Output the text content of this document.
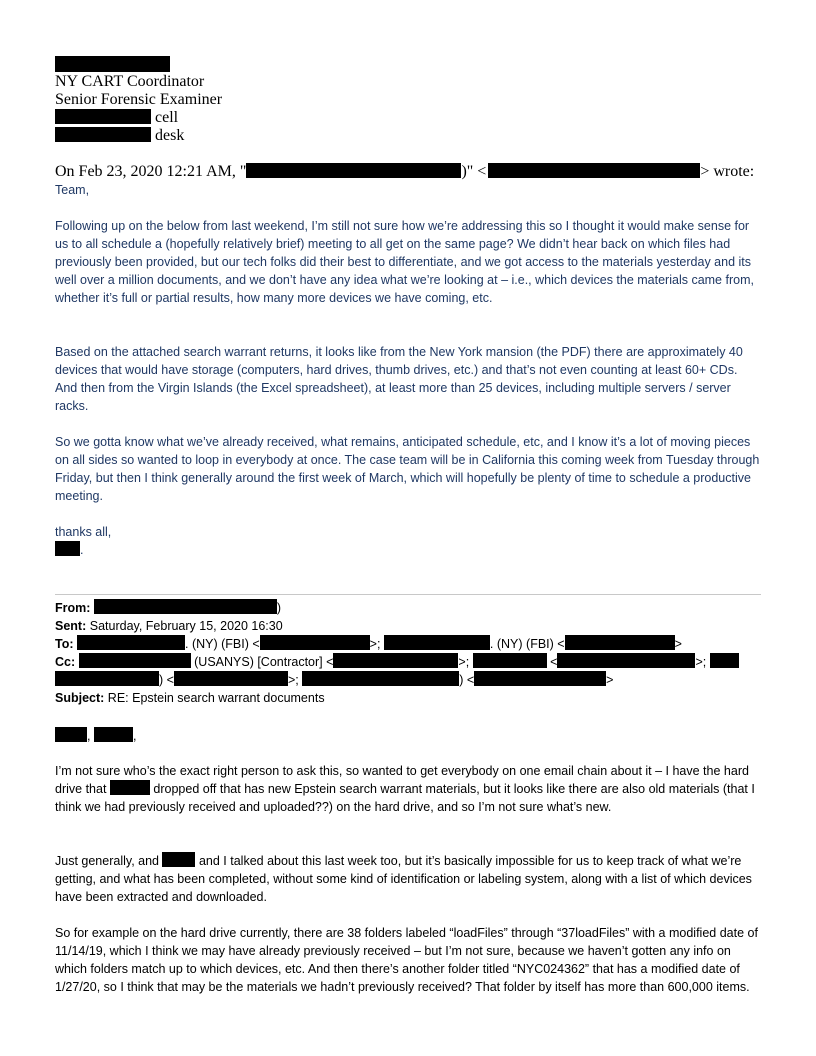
NY CART Coordinator
Senior Forensic Examiner
cell
desk
On Feb 23, 2020 12:21 AM, "	)" <	> wrote:
Team,

Following up on the below from last weekend, I’m still not sure how we’re addressing this so I thought it would make sense for us to all schedule a (hopefully relatively brief) meeting to all get on the same page? We didn’t hear back on which files had previously been provided, but our tech folks did their best to differentiate, and we got access to the materials yesterday and its well over a million documents, and we don’t have any idea what we’re looking at – i.e., which devices the materials came from, whether it’s full or partial results, how many more devices we have coming, etc.

Based on the attached search warrant returns, it looks like from the New York mansion (the PDF) there are approximately 40 devices that would have storage (computers, hard drives, thumb drives, etc.) and that’s not even counting at least 60+ CDs. And then from the Virgin Islands (the Excel spreadsheet), at least more than 25 devices, including multiple servers / server racks.

So we gotta know what we’ve already received, what remains, anticipated schedule, etc, and I know it’s a lot of moving pieces on all sides so wanted to loop in everybody at once. The case team will be in California this coming week from Tuesday through Friday, but then I think generally around the first week of March, which will hopefully be plenty of time to schedule a productive meeting.

thanks all,
.
From:	)
Sent: Saturday, February 15, 2020 16:30
To:	. (NY) (FBI) <	>;	. (NY) (FBI) <	>
Cc:	(USANYS) [Contractor] <	>;	<	>;
) <	>;	) <	>
Subject: RE: Epstein search warrant documents
,	,

I’m not sure who’s the exact right person to ask this, so wanted to get everybody on one email chain about it – I have the hard drive that	dropped off that has new Epstein search warrant materials, but it looks like there are also old materials (that I think we had previously received and uploaded??) on the hard drive, and so I’m not sure what’s new.

Just generally, and	and I talked about this last week too, but it’s basically impossible for us to keep track of what we’re getting, and what has been completed, without some kind of identification or labeling system, along with a list of which devices have been extracted and downloaded.

So for example on the hard drive currently, there are 38 folders labeled “loadFiles” through “37loadFiles” with a modified date of 11/14/19, which I think we may have already previously received – but I’m not sure, because we haven’t gotten any info on which folders match up to which devices, etc. And then there’s another folder titled “NYC024362” that has a modified date of 1/27/20, so I think that may be the materials we hadn’t previously received? That folder by itself has more than 600,000 items.
